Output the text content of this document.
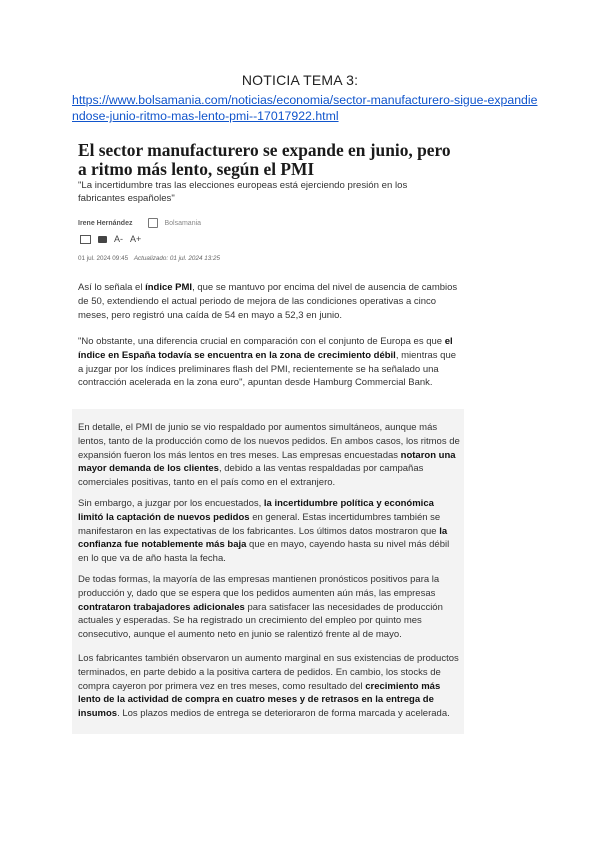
NOTICIA TEMA 3:
https://www.bolsamania.com/noticias/economia/sector-manufacturero-sigue-expandiendose-junio-ritmo-mas-lento-pmi--17017922.html
El sector manufacturero se expande en junio, pero a ritmo más lento, según el PMI

"La incertidumbre tras las elecciones europeas está ejerciendo presión en los fabricantes españoles"

Irene Hernández	Bolsamania
A- A+
01 jul. 2024 09:45 Actualizado: 01 jul. 2024 13:25

Así lo señala el índice PMI, que se mantuvo por encima del nivel de ausencia de cambios de 50, extendiendo el actual periodo de mejora de las condiciones operativas a cinco meses, pero registró una caída de 54 en mayo a 52,3 en junio.

"No obstante, una diferencia crucial en comparación con el conjunto de Europa es que el índice en España todavía se encuentra en la zona de crecimiento débil, mientras que a juzgar por los índices preliminares flash del PMI, recientemente se ha señalado una contracción acelerada en la zona euro", apuntan desde Hamburg Commercial Bank.

En detalle, el PMI de junio se vio respaldado por aumentos simultáneos, aunque más lentos, tanto de la producción como de los nuevos pedidos. En ambos casos, los ritmos de expansión fueron los más lentos en tres meses. Las empresas encuestadas notaron una mayor demanda de los clientes, debido a las ventas respaldadas por campañas comerciales positivas, tanto en el país como en el extranjero.

Sin embargo, a juzgar por los encuestados, la incertidumbre política y económica limitó la captación de nuevos pedidos en general. Estas incertidumbres también se manifestaron en las expectativas de los fabricantes. Los últimos datos mostraron que la confianza fue notablemente más baja que en mayo, cayendo hasta su nivel más débil en lo que va de año hasta la fecha.

De todas formas, la mayoría de las empresas mantienen pronósticos positivos para la producción y, dado que se espera que los pedidos aumenten aún más, las empresas contrataron trabajadores adicionales para satisfacer las necesidades de producción actuales y esperadas. Se ha registrado un crecimiento del empleo por quinto mes consecutivo, aunque el aumento neto en junio se ralentizó frente al de mayo.

Los fabricantes también observaron un aumento marginal en sus existencias de productos terminados, en parte debido a la positiva cartera de pedidos. En cambio, los stocks de compra cayeron por primera vez en tres meses, como resultado del crecimiento más lento de la actividad de compra en cuatro meses y de retrasos en la entrega de insumos. Los plazos medios de entrega se deterioraron de forma marcada y acelerada.
